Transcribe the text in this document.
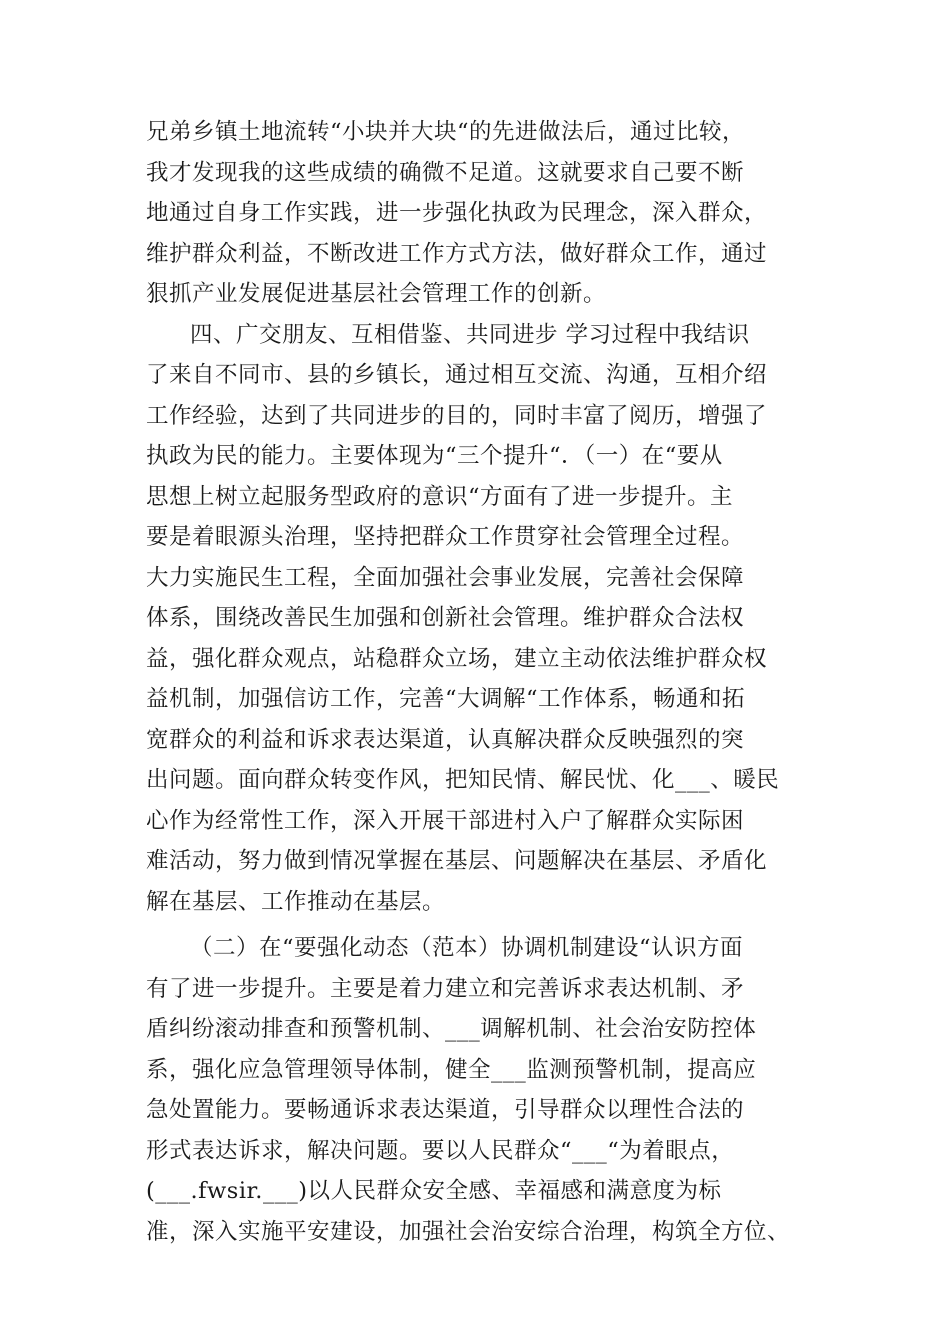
兄弟乡镇土地流转“小块并大块“的先进做法后，通过比较，
我才发现我的这些成绩的确微不足道。这就要求自己要不断
地通过自身工作实践，进一步强化执政为民理念，深入群众，
维护群众利益，不断改进工作方式方法，做好群众工作，通过
狠抓产业发展促进基层社会管理工作的创新。
四、广交朋友、互相借鉴、共同进步 学习过程中我结识
了来自不同市、县的乡镇长，通过相互交流、沟通，互相介绍
工作经验，达到了共同进步的目的，同时丰富了阅历，增强了
执政为民的能力。主要体现为“三个提升“．（一）在“要从
思想上树立起服务型政府的意识“方面有了进一步提升。主
要是着眼源头治理，坚持把群众工作贯穿社会管理全过程。
大力实施民生工程，全面加强社会事业发展，完善社会保障
体系，围绕改善民生加强和创新社会管理。维护群众合法权
益，强化群众观点，站稳群众立场，建立主动依法维护群众权
益机制，加强信访工作，完善“大调解“工作体系，畅通和拓
宽群众的利益和诉求表达渠道，认真解决群众反映强烈的突
出问题。面向群众转变作风，把知民情、解民忧、化___、暖民
心作为经常性工作，深入开展干部进村入户了解群众实际困
难活动，努力做到情况掌握在基层、问题解决在基层、矛盾化
解在基层、工作推动在基层。
（二）在“要强化动态（范本）协调机制建设“认识方面
有了进一步提升。主要是着力建立和完善诉求表达机制、矛
盾纠纷滚动排查和预警机制、___调解机制、社会治安防控体
系，强化应急管理领导体制，健全___监测预警机制，提高应
急处置能力。要畅通诉求表达渠道，引导群众以理性合法的
形式表达诉求，解决问题。要以人民群众“___“为着眼点，
(___.fwsir.___)以人民群众安全感、幸福感和满意度为标
准，深入实施平安建设，加强社会治安综合治理，构筑全方位、
